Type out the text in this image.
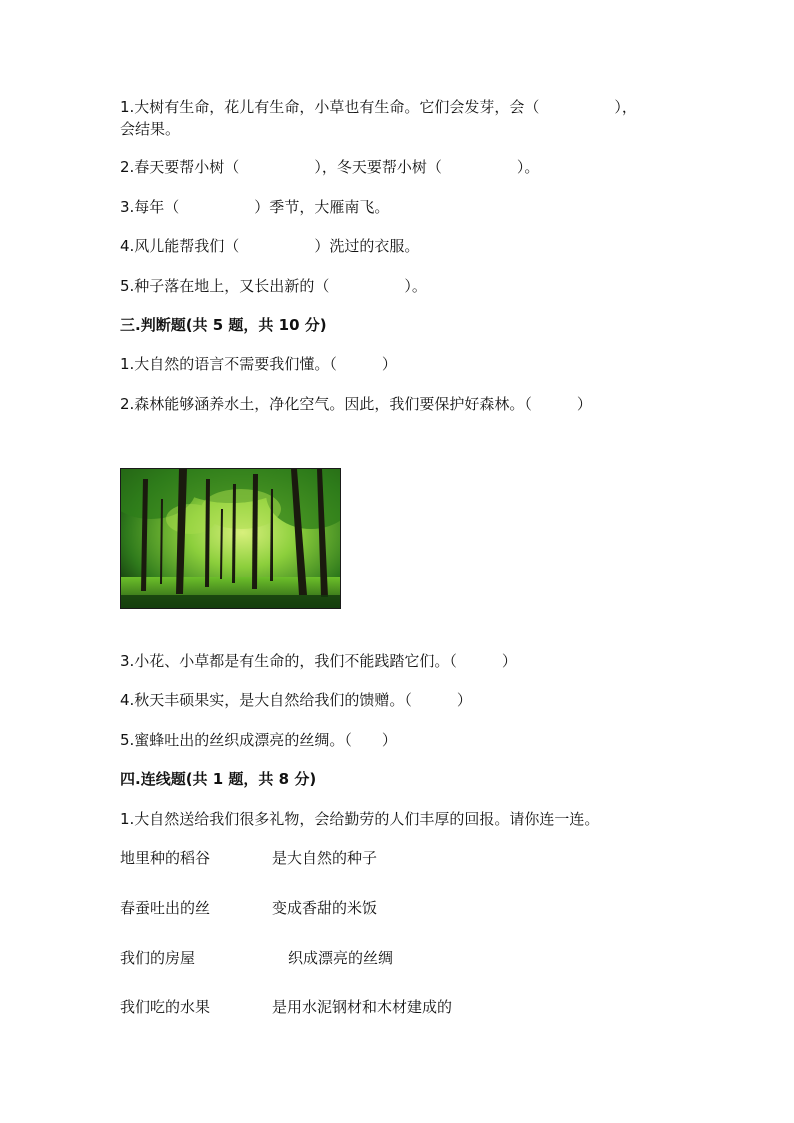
1.大树有生命，花儿有生命，小草也有生命。它们会发芽，会（　　　　　），
会结果。
2.春天要帮小树（　　　　　），冬天要帮小树（　　　　　）。
3.每年（　　　　　）季节，大雁南飞。
4.风儿能帮我们（　　　　　）洗过的衣服。
5.种子落在地上，又长出新的（　　　　　）。
三.判断题(共 5 题，共 10 分)
1.大自然的语言不需要我们懂。（　　　）
2.森林能够涵养水土，净化空气。因此，我们要保护好森林。（　　　）
3.小花、小草都是有生命的，我们不能践踏它们。（　　　）
4.秋天丰硕果实，是大自然给我们的馈赠。（　　　）
5.蜜蜂吐出的丝织成漂亮的丝绸。（　　）
四.连线题(共 1 题，共 8 分)
1.大自然送给我们很多礼物，会给勤劳的人们丰厚的回报。请你连一连。
地里种的稻谷	是大自然的种子
春蚕吐出的丝	变成香甜的米饭
我们的房屋	织成漂亮的丝绸
我们吃的水果	是用水泥钢材和木材建成的
